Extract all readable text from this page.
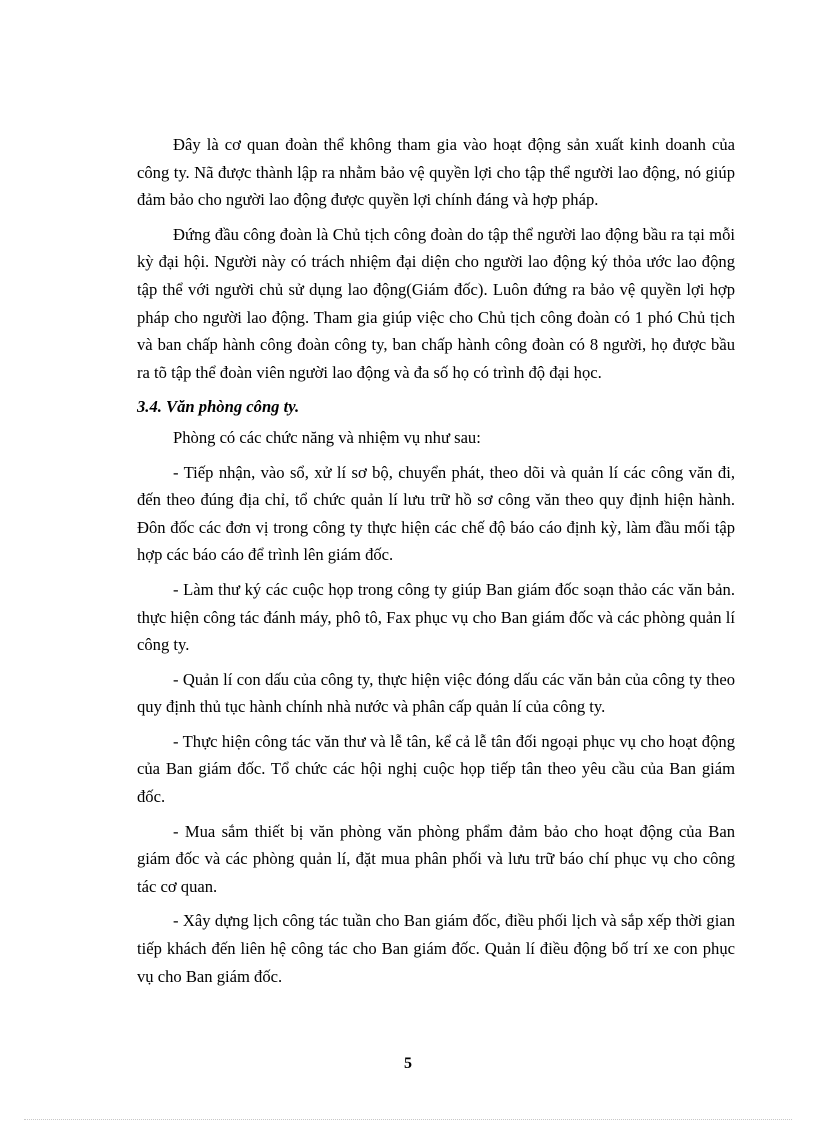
Đây là cơ quan đoàn thể không tham gia vào hoạt động sản xuất kinh doanh của công ty. Nã được thành lập ra nhằm bảo vệ quyền lợi cho tập thể người lao động, nó giúp đảm bảo cho người lao động được quyền lợi chính đáng và hợp pháp.

Đứng đầu công đoàn là Chủ tịch công đoàn do tập thể người lao động bầu ra tại mỗi kỳ đại hội. Người này có trách nhiệm đại diện cho người lao động ký thỏa ước lao động tập thể với người chủ sử dụng lao động(Giám đốc). Luôn đứng ra bảo vệ quyền lợi hợp pháp cho người lao động. Tham gia giúp việc cho Chủ tịch công đoàn có 1 phó Chủ tịch và ban chấp hành công đoàn công ty, ban chấp hành công đoàn có 8 người, họ được bầu ra tõ tập thể đoàn viên người lao động và đa số họ có trình độ đại học.

3.4. Văn phòng công ty.

Phòng có các chức năng và nhiệm vụ như sau:

- Tiếp nhận, vào sổ, xử lí sơ bộ, chuyển phát, theo dõi và quản lí các công văn đi, đến theo đúng địa chỉ, tổ chức quản lí lưu trữ hồ sơ công văn theo quy định hiện hành. Đôn đốc các đơn vị trong công ty thực hiện các chế độ báo cáo định kỳ, làm đầu mối tập hợp các báo cáo để trình lên giám đốc.

- Làm thư ký các cuộc họp trong công ty giúp Ban giám đốc soạn thảo các văn bản. thực hiện công tác đánh máy, phô tô, Fax phục vụ cho Ban giám đốc và các phòng quản lí công ty.

- Quản lí con dấu của công ty, thực hiện việc đóng dấu các văn bản của công ty theo quy định thủ tục hành chính nhà nước và phân cấp quản lí của công ty.

- Thực hiện công tác văn thư và lễ tân, kể cả lễ tân đối ngoại phục vụ cho hoạt động của Ban giám đốc. Tổ chức các hội nghị cuộc họp tiếp tân theo yêu cầu của Ban giám đốc.

- Mua sắm thiết bị văn phòng văn phòng phẩm đảm bảo cho hoạt động của Ban giám đốc và các phòng quản lí, đặt mua phân phối và lưu trữ báo chí phục vụ cho công tác cơ quan.

- Xây dựng lịch công tác tuần cho Ban giám đốc, điều phối lịch và sắp xếp thời gian tiếp khách đến liên hệ công tác cho Ban giám đốc. Quản lí điều động bố trí xe con phục vụ cho Ban giám đốc.

5
